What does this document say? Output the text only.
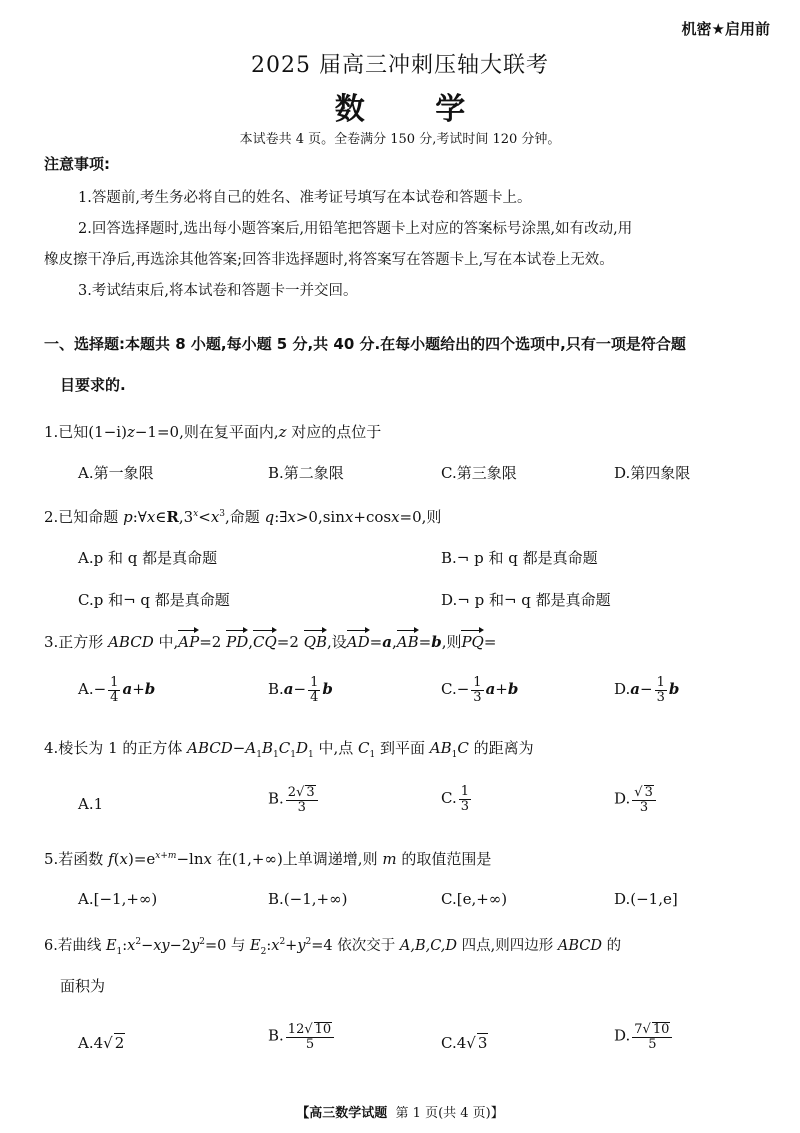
机密★启用前
2025 届高三冲刺压轴大联考
数 学
本试卷共 4 页。全卷满分 150 分,考试时间 120 分钟。
注意事项:
1.答题前,考生务必将自己的姓名、准考证号填写在本试卷和答题卡上。
2.回答选择题时,选出每小题答案后,用铅笔把答题卡上对应的答案标号涂黑,如有改动,用
橡皮擦干净后,再选涂其他答案;回答非选择题时,将答案写在答题卡上,写在本试卷上无效。
3.考试结束后,将本试卷和答题卡一并交回。
一、选择题:本题共 8 小题,每小题 5 分,共 40 分.在每小题给出的四个选项中,只有一项是符合题
目要求的.
1.已知(1−i)z−1=0,则在复平面内,z 对应的点位于
A.第一象限	B.第二象限	C.第三象限	D.第四象限
2.已知命题 $p:\forall x\in R,3^x<x^3$,命题 q:∃x>0,sinx+cosx=0,则
A.p 和 q 都是真命题	B.¬ p 和 q 都是真命题
C.p 和¬ q 都是真命题	D.¬ p 和¬ q 都是真命题
3.正方形 ABCD 中,AP=2 PD,CQ=2 QB,设AD=a,AB=b,则PQ=
$A.- \frac{1}{4} a+b$	$B.a- \frac{1}{4}$ b	$C.- \frac{1}{3} a+b$	$D.a- \frac{1}{3}$ b
4.棱长为 1 的正方体 $ABCD-A_1B_1C_1D_1$ 中,点 $C_1$ 到平面 $AB_1C$ 的距离为
A.1	B. $\frac{2√ 3}{3}$	C. $\frac{1}{3}$	D. $\frac{√ 3}{3}$
5.若函数 $f(x)=e^{x+m}-\ln x$ 在(1,+∞)上单调递增,则 m 的取值范围是
A.[−1,+∞)	B.(−1,+∞)	C.[e,+∞)	D.(−1,e]
6.若曲线 $E_1:x^2-xy-2y^2=0$ 与 $E_2:x^2+y^2=4$ 依次交于 A,B,C,D 四点,则四边形 ABCD 的
面积为
A.4√ 2	B. $\frac{12√ 10}{5}$	C.4√ 3	D. $\frac{7√ 10}{5}$
【高三数学试题 第 1 页(共 4 页)】
